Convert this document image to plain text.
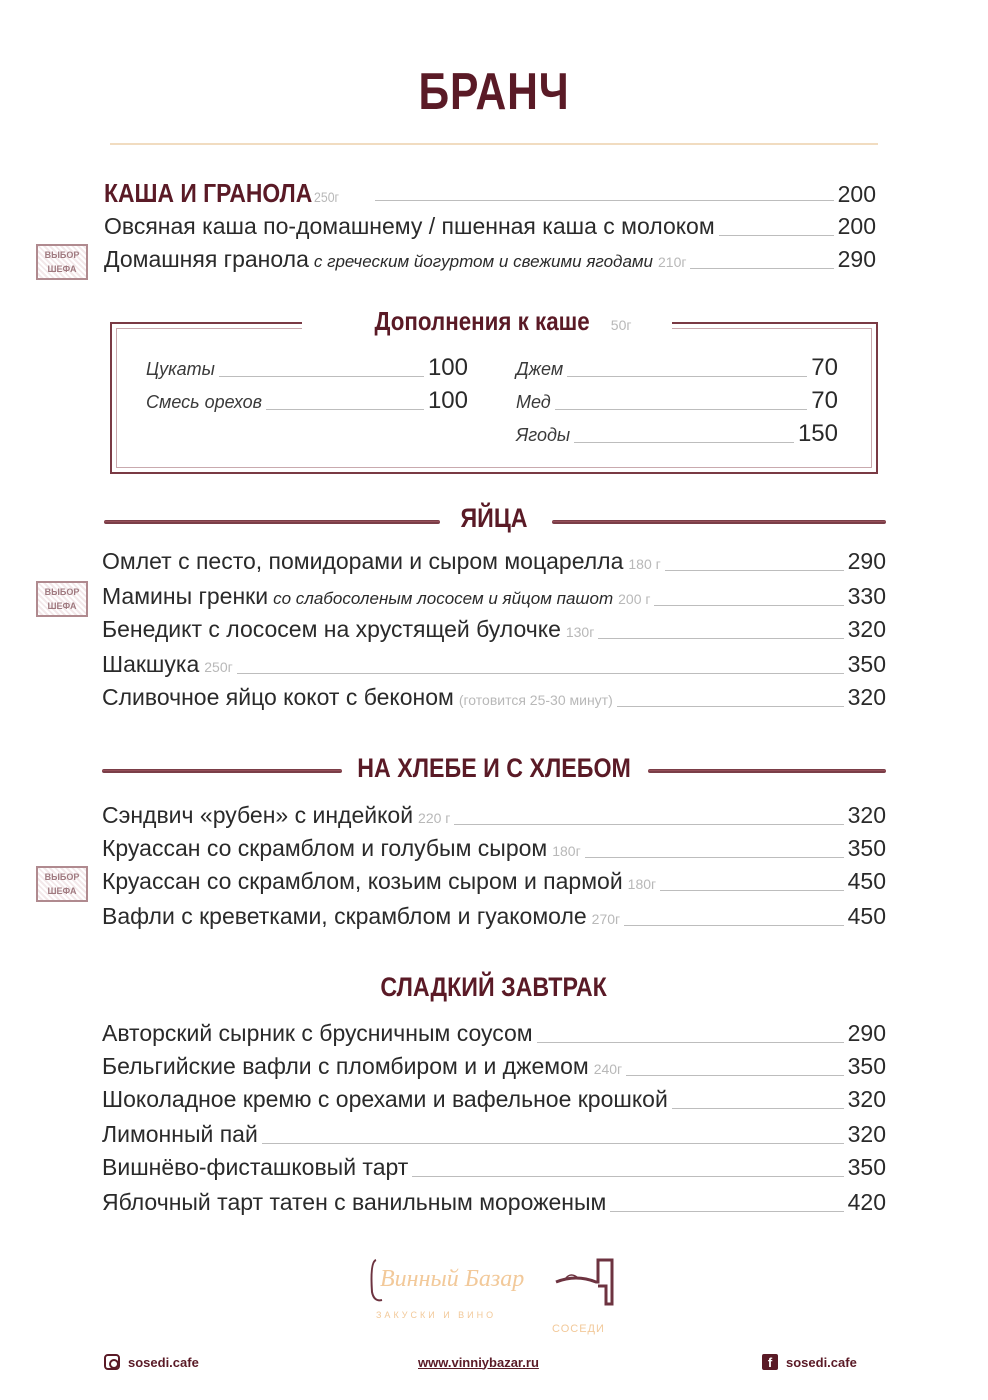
БРАНЧ
КАША И ГРАНОЛА 250г	200
Овсяная каша по-домашнему / пшенная каша с молоком	200
Домашняя гранола с греческим йогуртом и свежими ягодами 210г	290
ВЫБОР
ШЕФА
Дополнения к каше 50г
Цукаты	100
Смесь орехов	100
Джем	70
Мед	70
Ягоды	150
ЯЙЦА
Омлет с песто, помидорами и сыром моцарелла 180 г	290
Мамины гренки со слабосоленым лососем и яйцом пашот 200 г	330
ВЫБОР
ШЕФА
Бенедикт с лососем на хрустящей булочке 130г	320
Шакшука 250г	350
Сливочное яйцо кокот с беконом (готовится 25-30 минут)	320
НА ХЛЕБЕ И С ХЛЕБОМ
Сэндвич «рубен» с индейкой 220 г	320
Круассан со скрамблом и голубым сыром 180г	350
Круассан со скрамблом, козьим сыром и пармой 180г	450
ВЫБОР
ШЕФА
Вафли с креветками, скрамблом и гуакомоле 270г	450
СЛАДКИЙ ЗАВТРАК
Авторский сырник с брусничным соусом	290
Бельгийские вафли с пломбиром и и джемом 240г	350
Шоколадное кремю с орехами и вафельное крошкой	320
Лимонный пай	320
Вишнёво-фисташковый тарт	350
Яблочный тарт татен с ванильным мороженым	420
Винный Базар
ЗАКУСКИ И ВИНО
СОСЕДИ
sosedi.cafe	www.vinniybazar.ru	f	sosedi.cafe
